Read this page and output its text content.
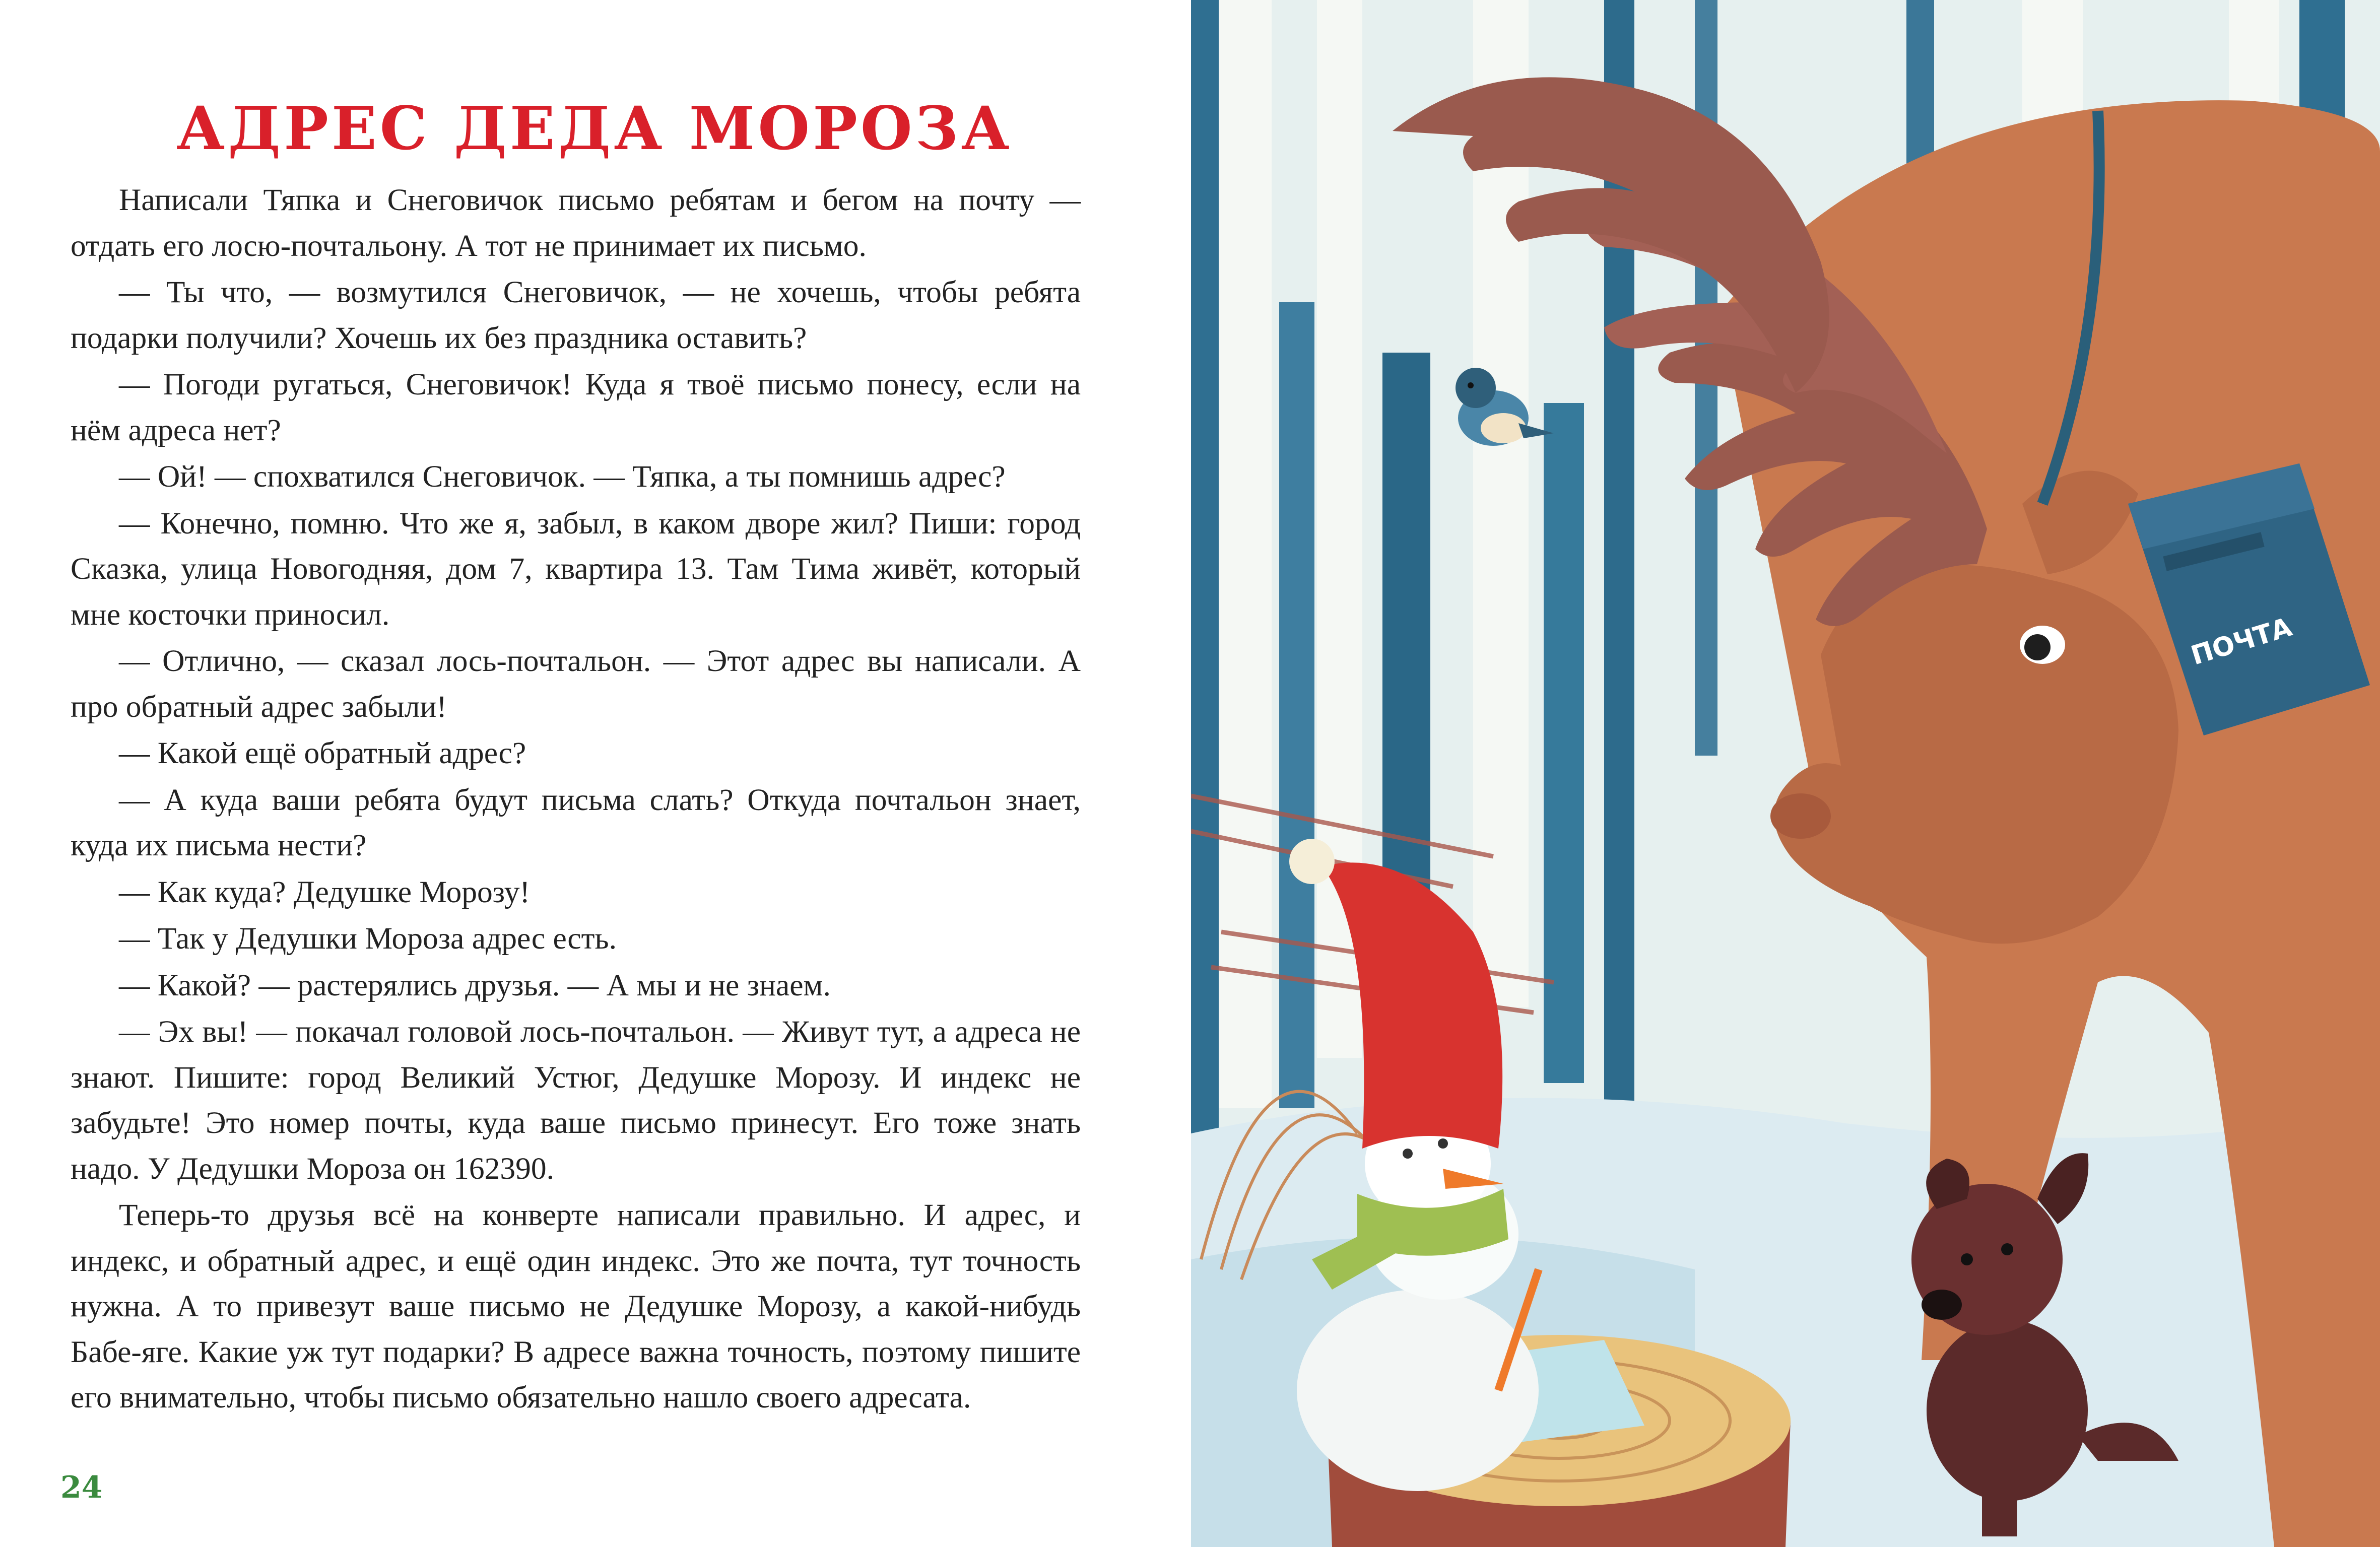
АДРЕС ДЕДА МОРОЗА

Написали Тяпка и Снеговичок письмо ребятам и бегом на почту — отдать его лосю-почтальону. А тот не принимает их письмо.

— Ты что, — возмутился Снеговичок, — не хочешь, чтобы ребята подарки получили? Хочешь их без праздника оставить?

— Погоди ругаться, Снеговичок! Куда я твоё письмо понесу, если на нём адреса нет?

— Ой! — спохватился Снеговичок. — Тяпка, а ты помнишь адрес?

— Конечно, помню. Что же я, забыл, в каком дворе жил? Пиши: город Сказка, улица Новогодняя, дом 7, квартира 13. Там Тима живёт, который мне косточки приносил.

— Отлично, — сказал лось-почтальон. — Этот адрес вы написали. А про обратный адрес забыли!

— Какой ещё обратный адрес?

— А куда ваши ребята будут письма слать? Откуда почтальон знает, куда их письма нести?

— Как куда? Дедушке Морозу!

— Так у Дедушки Мороза адрес есть.

— Какой? — растерялись друзья. — А мы и не знаем.

— Эх вы! — покачал головой лось-почтальон. — Живут тут, а адреса не знают. Пишите: город Великий Устюг, Дедушке Морозу. И индекс не забудьте! Это номер почты, куда ваше письмо принесут. Его тоже знать надо. У Дедушки Мороза он 162390.

Теперь-то друзья всё на конверте написали правильно. И адрес, и индекс, и обратный адрес, и ещё один индекс. Это же почта, тут точность нужна. А то привезут ваше письмо не Дедушке Морозу, а какой-нибудь Бабе-яге. Какие уж тут подарки? В адресе важна точность, поэтому пишите его внимательно, чтобы письмо обязательно нашло своего адресата.

24
ПОЧТА
